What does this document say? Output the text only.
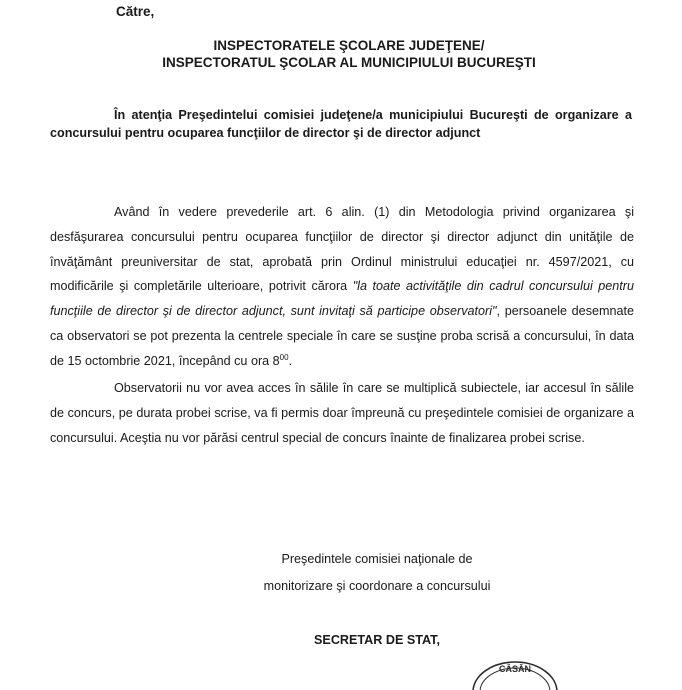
Către,
INSPECTORATELE ŞCOLARE JUDEŢENE/
INSPECTORATUL ŞCOLAR AL MUNICIPIULUI BUCUREŞTI
În atenţia Preşedintelui comisiei judeţene/a municipiului Bucureşti de organizare a concursului pentru ocuparea funcţiilor de director şi de director adjunct
Având în vedere prevederile art. 6 alin. (1) din Metodologia privind organizarea şi desfăşurarea concursului pentru ocuparea funcţiilor de director şi director adjunct din unităţile de învăţământ preuniversitar de stat, aprobată prin Ordinul ministrului educaţiei nr. 4597/2021, cu modificările şi completările ulterioare, potrivit cărora "la toate activităţile din cadrul concursului pentru funcţiile de director şi de director adjunct, sunt invitaţi să participe observatori", persoanele desemnate ca observatori se pot prezenta la centrele speciale în care se susţine proba scrisă a concursului, în data de 15 octombrie 2021, începând cu ora $8^{00}$.
Observatorii nu vor avea acces în sălile în care se multiplică subiectele, iar accesul în sălile de concurs, pe durata probei scrise, va fi permis doar împreună cu preşedintele comisiei de organizare a concursului. Aceştia nu vor părăsi centrul special de concurs înainte de finalizarea probei scrise.
Preşedintele comisiei naţionale de
monitorizare şi coordonare a concursului
SECRETAR DE STAT,
CÂSĂN
